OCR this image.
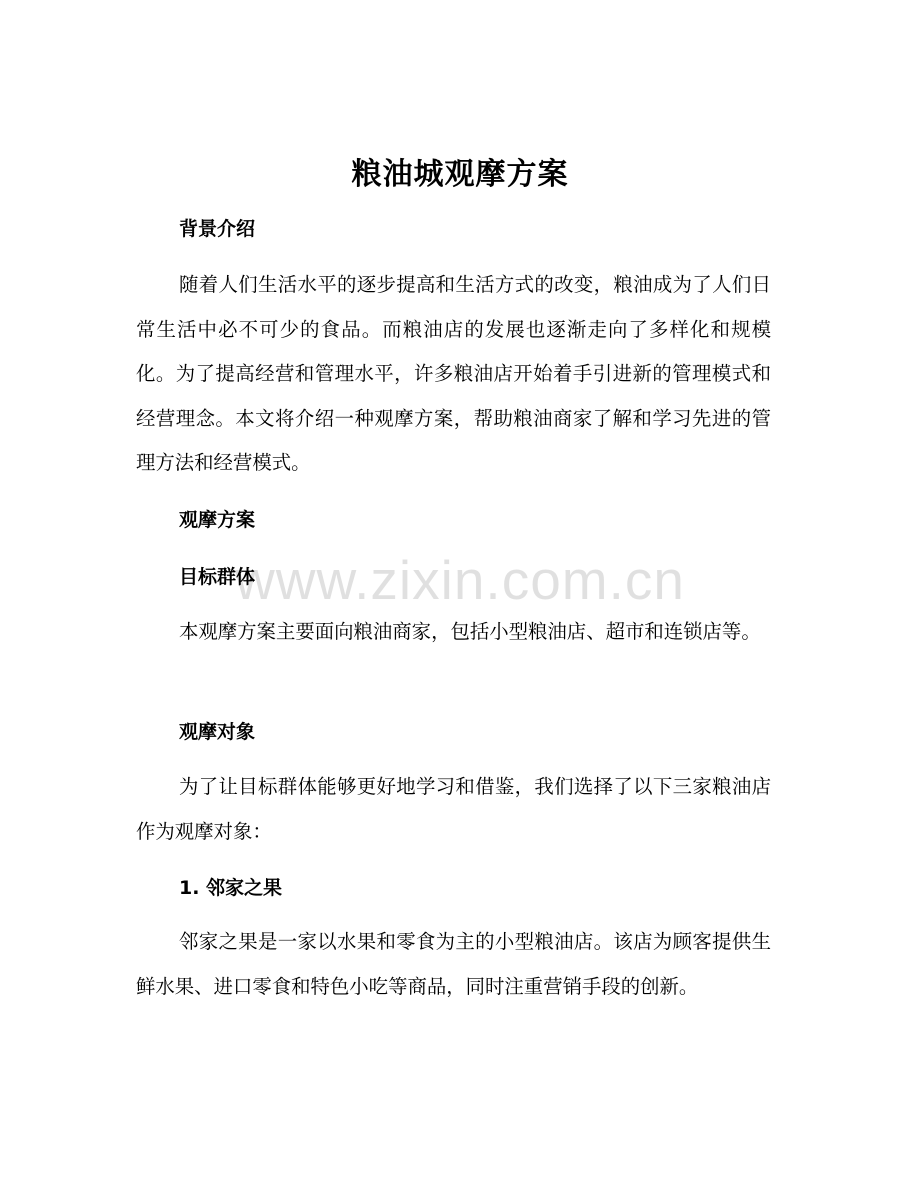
粮油城观摩方案
背景介绍

随着人们生活水平的逐步提高和生活方式的改变，粮油成为了人们日常生活中必不可少的食品。而粮油店的发展也逐渐走向了多样化和规模化。为了提高经营和管理水平，许多粮油店开始着手引进新的管理模式和经营理念。本文将介绍一种观摩方案，帮助粮油商家了解和学习先进的管理方法和经营模式。

观摩方案
目标群体

本观摩方案主要面向粮油商家，包括小型粮油店、超市和连锁店等。

观摩对象

为了让目标群体能够更好地学习和借鉴，我们选择了以下三家粮油店作为观摩对象：

1. 邻家之果

邻家之果是一家以水果和零食为主的小型粮油店。该店为顾客提供生鲜水果、进口零食和特色小吃等商品，同时注重营销手段的创新。

www.zixin.com.cn
